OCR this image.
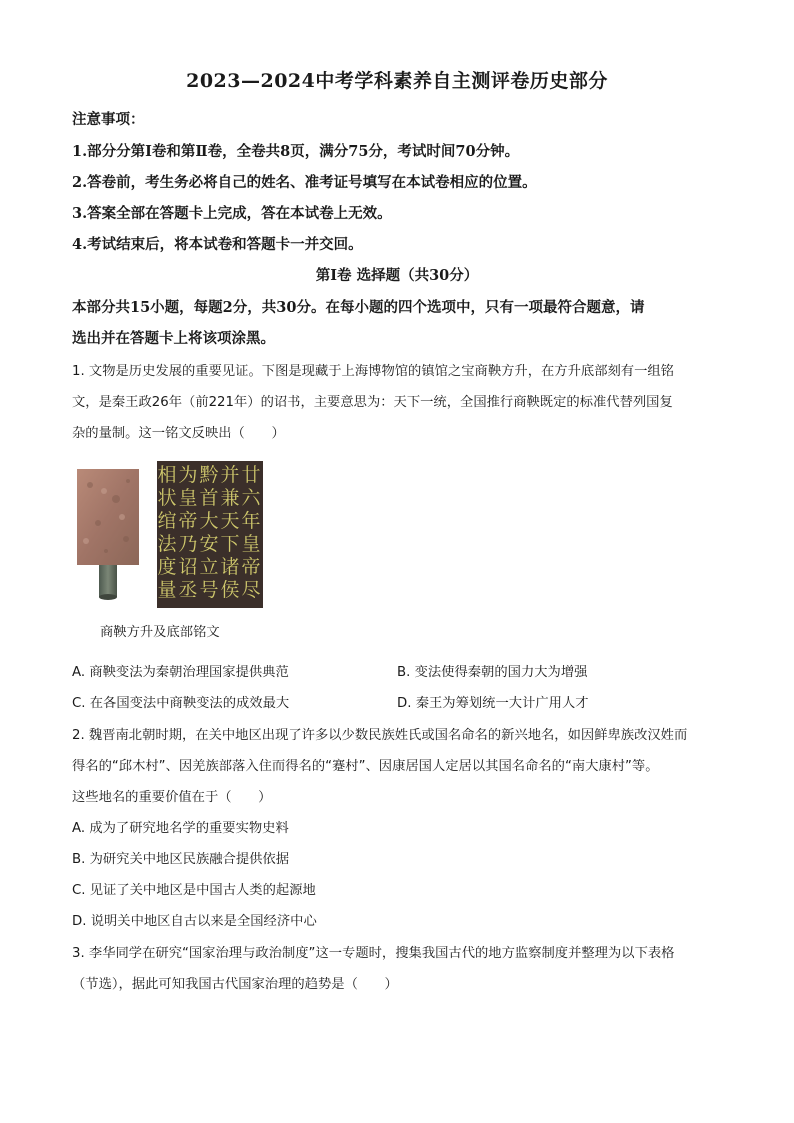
2023—2024中考学科素养自主测评卷历史部分
注意事项：
1.部分分第Ⅰ卷和第Ⅱ卷，全卷共8页，满分75分，考试时间70分钟。
2.答卷前，考生务必将自己的姓名、准考证号填写在本试卷相应的位置。
3.答案全部在答题卡上完成，答在本试卷上无效。
4.考试结束后，将本试卷和答题卡一并交回。
第Ⅰ卷 选择题（共30分）
本部分共15小题，每题2分，共30分。在每小题的四个选项中，只有一项最符合题意，请
选出并在答题卡上将该项涂黑。
1. 文物是历史发展的重要见证。下图是现藏于上海博物馆的镇馆之宝商鞅方升，在方升底部刻有一组铭
文，是秦王政26年（前221年）的诏书，主要意思为：天下一统，全国推行商鞅既定的标准代替列国复
杂的量制。这一铭文反映出（　　）
廿
六
年
皇
帝
尽
并
兼
天
下
诸
侯
黔
首
大
安
立
号
为
皇
帝
乃
诏
丞
相
状
绾
法
度
量
商鞅方升及底部铭文
A. 商鞅变法为秦朝治理国家提供典范	B. 变法使得秦朝的国力大为增强
C. 在各国变法中商鞅变法的成效最大	D. 秦王为筹划统一大计广用人才
2. 魏晋南北朝时期，在关中地区出现了许多以少数民族姓氏或国名命名的新兴地名，如因鲜卑族改汉姓而
得名的“邱木村”、因羌族部落入住而得名的“蹇村”、因康居国人定居以其国名命名的“南大康村”等。
这些地名的重要价值在于（　　）
A. 成为了研究地名学的重要实物史料
B. 为研究关中地区民族融合提供依据
C. 见证了关中地区是中国古人类的起源地
D. 说明关中地区自古以来是全国经济中心
3. 李华同学在研究“国家治理与政治制度”这一专题时，搜集我国古代的地方监察制度并整理为以下表格
（节选），据此可知我国古代国家治理的趋势是（　　）
